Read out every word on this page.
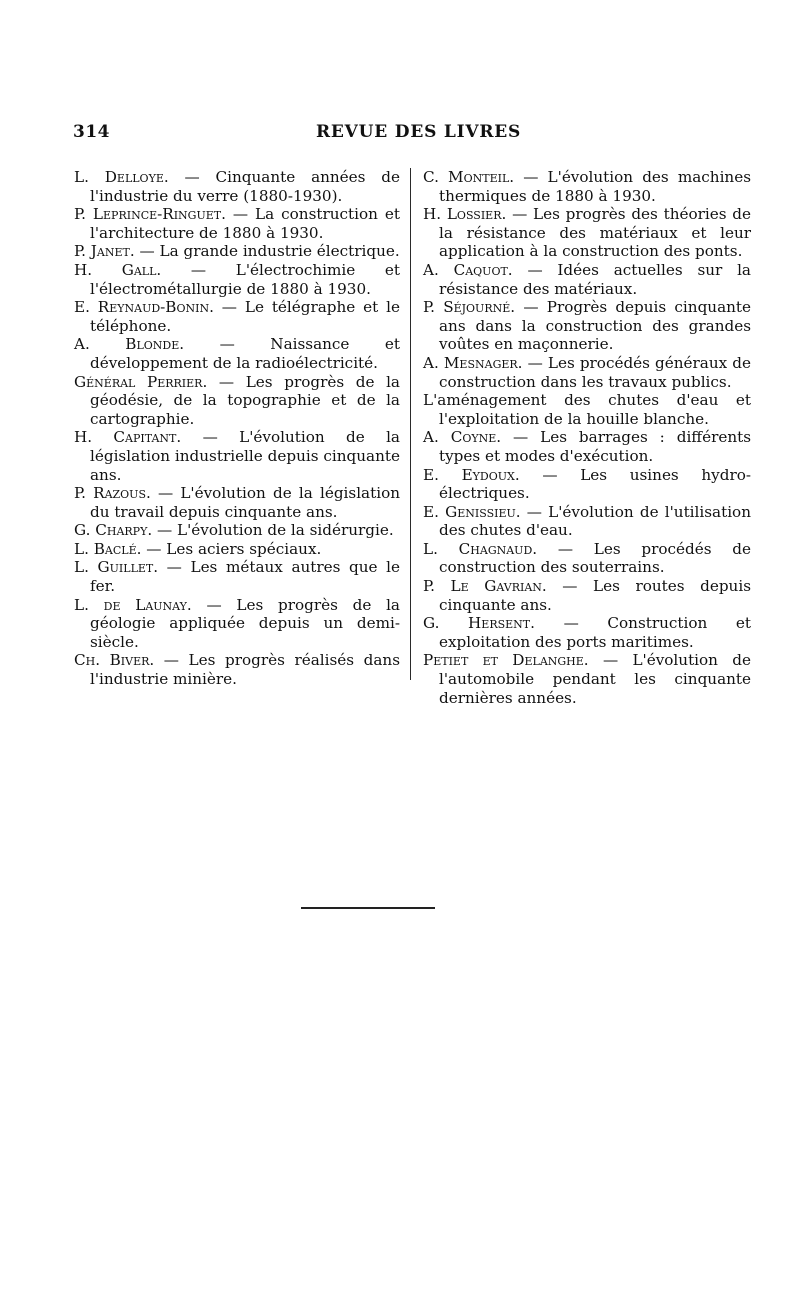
314	REVUE DES LIVRES

L. Delloye. — Cinquante années de l'industrie du verre (1880-1930).

P. Leprince-Ringuet. — La construction et l'architecture de 1880 à 1930.

P. Janet. — La grande industrie électrique.

H. Gall. — L'électrochimie et l'électrométallurgie de 1880 à 1930.

E. Reynaud-Bonin. — Le télégraphe et le téléphone.

A. Blonde. — Naissance et développement de la radioélectricité.

Général Perrier. — Les progrès de la géodésie, de la topographie et de la cartographie.

H. Capitant. — L'évolution de la législation industrielle depuis cinquante ans.

P. Razous. — L'évolution de la législation du travail depuis cinquante ans.

G. Charpy. — L'évolution de la sidérurgie.

L. Baclé. — Les aciers spéciaux.

L. Guillet. — Les métaux autres que le fer.

L. de Launay. — Les progrès de la géologie appliquée depuis un demi-siècle.

Ch. Biver. — Les progrès réalisés dans l'industrie minière.

C. Monteil. — L'évolution des machines thermiques de 1880 à 1930.

H. Lossier. — Les progrès des théories de la résistance des matériaux et leur application à la construction des ponts.

A. Caquot. — Idées actuelles sur la résistance des matériaux.

P. Séjourné. — Progrès depuis cinquante ans dans la construction des grandes voûtes en maçonnerie.

A. Mesnager. — Les procédés généraux de construction dans les travaux publics.

L'aménagement des chutes d'eau et l'exploitation de la houille blanche.

A. Coyne. — Les barrages : différents types et modes d'exécution.

E. Eydoux. — Les usines hydro-électriques.

E. Genissieu. — L'évolution de l'utilisation des chutes d'eau.

L. Chagnaud. — Les procédés de construction des souterrains.

P. Le Gavrian. — Les routes depuis cinquante ans.

G. Hersent. — Construction et exploitation des ports maritimes.

Petiet et Delanghe. — L'évolution de l'automobile pendant les cinquante dernières années.
